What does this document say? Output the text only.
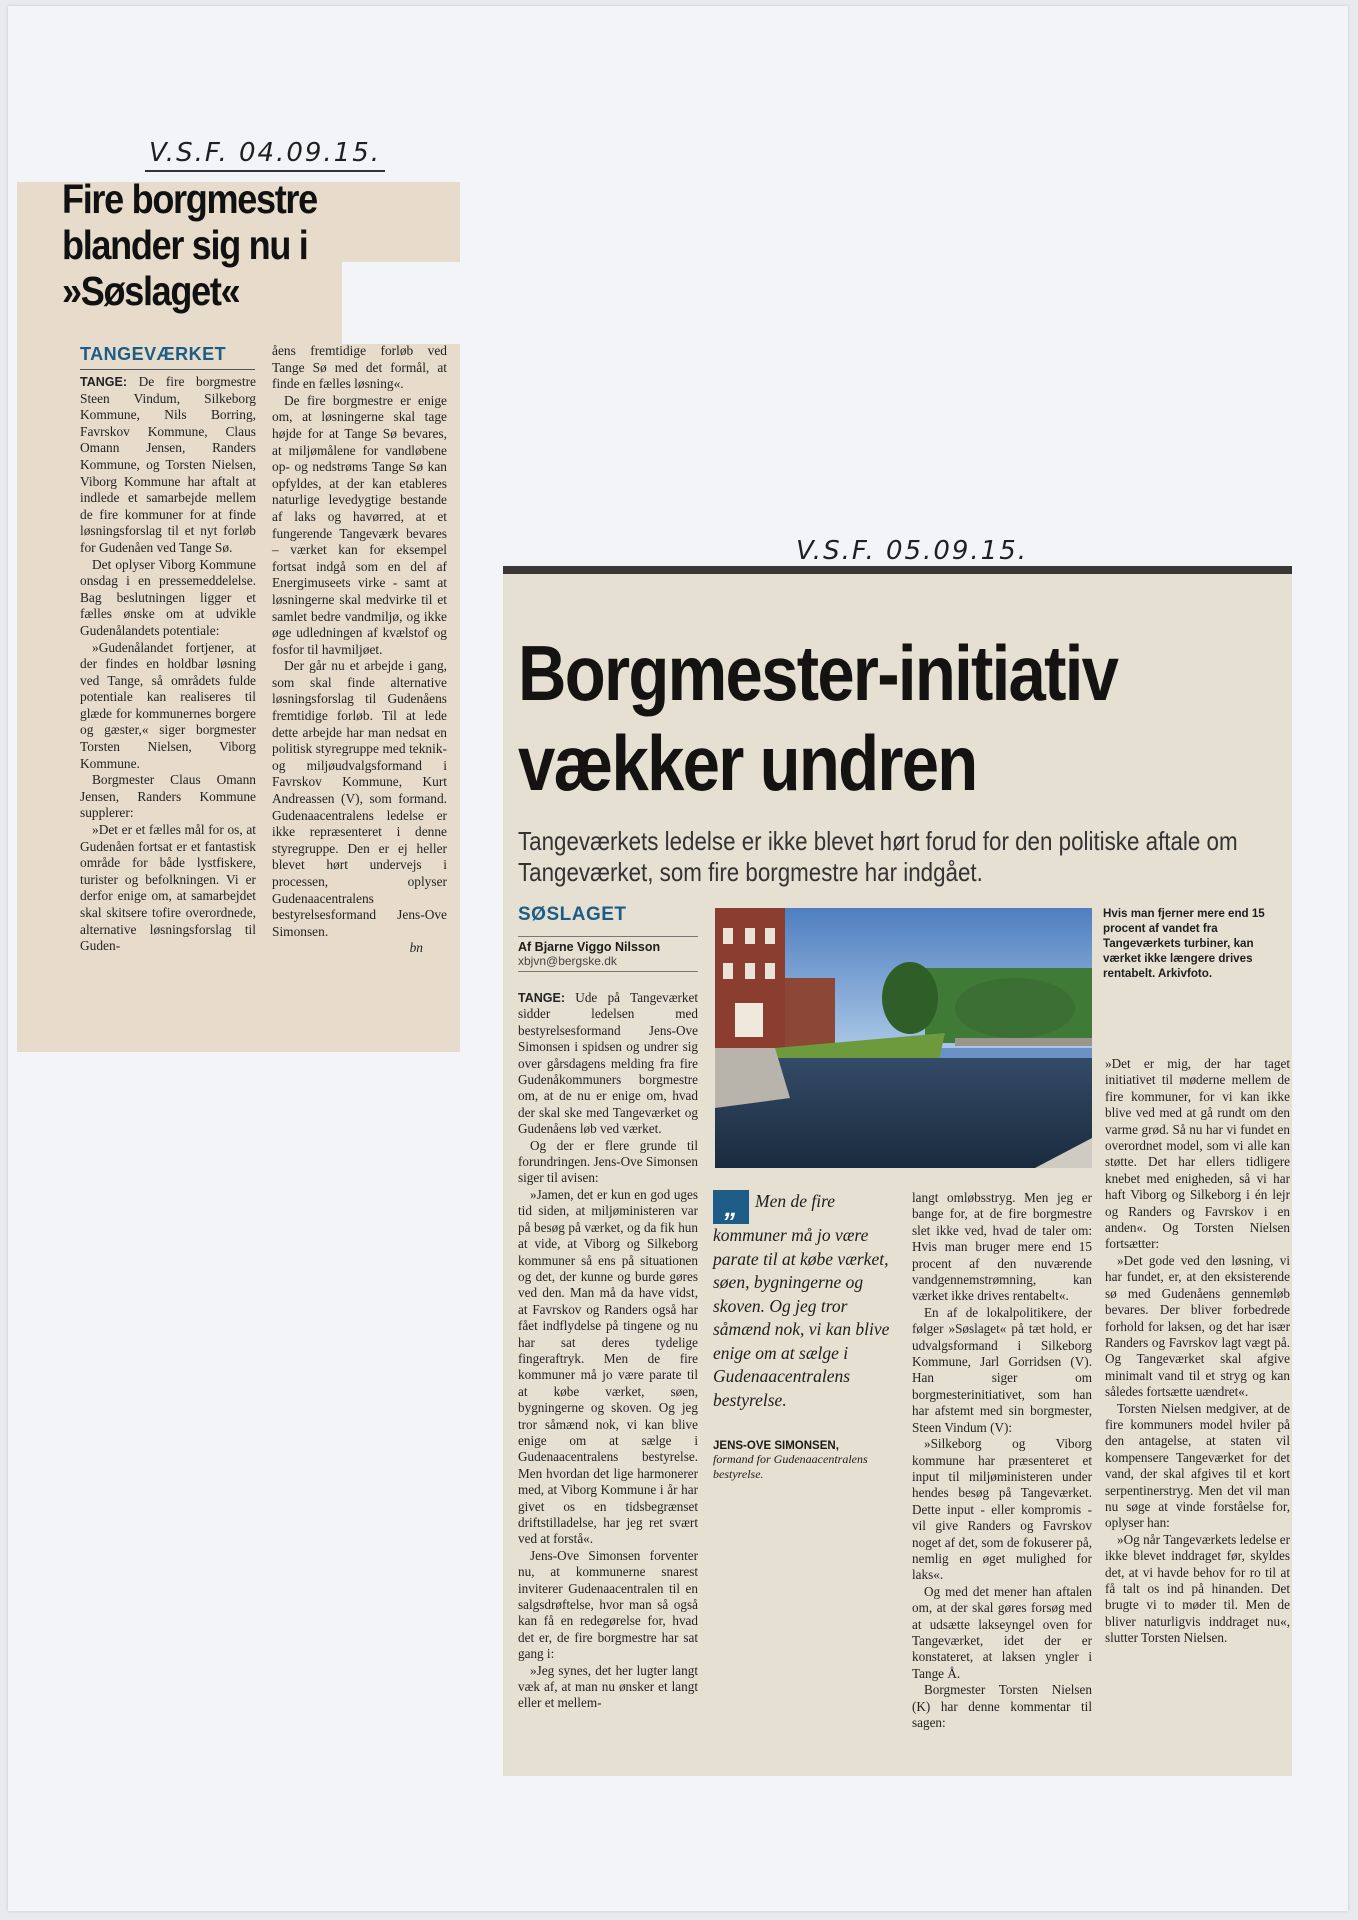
V.S.F. 04.09.15.
Fire borgmestre blander sig nu i »Søslaget«
TANGEVÆRKET

TANGE: De fire borgmestre Steen Vindum, Silkeborg Kommune, Nils Borring, Favrskov Kommune, Claus Omann Jensen, Randers Kommune, og Torsten Nielsen, Viborg Kommune har aftalt at indlede et samarbejde mellem de fire kommuner for at finde løsningsforslag til et nyt forløb for Gudenåen ved Tange Sø.

Det oplyser Viborg Kommune onsdag i en pressemeddelelse. Bag beslutningen ligger et fælles ønske om at udvikle Gudenålandets potentiale:

»Gudenålandet fortjener, at der findes en holdbar løsning ved Tange, så områdets fulde potentiale kan realiseres til glæde for kommunernes borgere og gæster,« siger borgmester Torsten Nielsen, Viborg Kommune.

Borgmester Claus Omann Jensen, Randers Kommune supplerer:

»Det er et fælles mål for os, at Gudenåen fortsat er et fantastisk område for både lystfiskere, turister og befolkningen. Vi er derfor enige om, at samarbejdet skal skitsere tofire overordnede, alternative løsningsforslag til Guden-

åens fremtidige forløb ved Tange Sø med det formål, at finde en fælles løsning«.

De fire borgmestre er enige om, at løsningerne skal tage højde for at Tange Sø bevares, at miljømålene for vandløbene op- og nedstrøms Tange Sø kan opfyldes, at der kan etableres naturlige levedygtige bestande af laks og havørred, at et fungerende Tangeværk bevares – værket kan for eksempel fortsat indgå som en del af Energimuseets virke - samt at løsningerne skal medvirke til et samlet bedre vandmiljø, og ikke øge udledningen af kvælstof og fosfor til havmiljøet.

Der går nu et arbejde i gang, som skal finde alternative løsningsforslag til Gudenåens fremtidige forløb. Til at lede dette arbejde har man nedsat en politisk styregruppe med teknik- og miljøudvalgsformand i Favrskov Kommune, Kurt Andreassen (V), som formand. Gudenaacentralens ledelse er ikke repræsenteret i denne styregruppe. Den er ej heller blevet hørt undervejs i processen, oplyser Gudenaacentralens bestyrelsesformand Jens-Ove Simonsen.

bn

V.S.F. 05.09.15.
Borgmester-initiativ
vækker undren
Tangeværkets ledelse er ikke blevet hørt forud for den politiske aftale om Tangeværket, som fire borgmestre har indgået.
SØSLAGET
Af Bjarne Viggo Nilsson
xbjvn@bergske.dk
Hvis man fjerner mere end 15 procent af vandet fra Tangeværkets turbiner, kan værket ikke længere drives rentabelt. Arkivfoto.

TANGE: Ude på Tangeværket sidder ledelsen med bestyrelsesformand Jens-Ove Simonsen i spidsen og undrer sig over gårsdagens melding fra fire Gudenåkommuners borgmestre om, at de nu er enige om, hvad der skal ske med Tangeværket og Gudenåens løb ved værket.

Og der er flere grunde til forundringen. Jens-Ove Simonsen siger til avisen:

»Jamen, det er kun en god uges tid siden, at miljøministeren var på besøg på værket, og da fik hun at vide, at Viborg og Silkeborg kommuner så ens på situationen og det, der kunne og burde gøres ved den. Man må da have vidst, at Favrskov og Randers også har fået indflydelse på tingene og nu har sat deres tydelige fingeraftryk. Men de fire kommuner må jo være parate til at købe værket, søen, bygningerne og skoven. Og jeg tror såmænd nok, vi kan blive enige om at sælge i Gudenaacentralens bestyrelse. Men hvordan det lige harmonerer med, at Viborg Kommune i år har givet os en tidsbegrænset driftstilladelse, har jeg ret svært ved at forstå«.

Jens-Ove Simonsen forventer nu, at kommunerne snarest inviterer Gudenaacentralen til en salgsdrøftelse, hvor man så også kan få en redegørelse for, hvad det er, de fire borgmestre har sat gang i:

»Jeg synes, det her lugter langt væk af, at man nu ønsker et langt eller et mellem-

„ Men de fire kommuner må jo være parate til at købe værket, søen, bygningerne og skoven. Og jeg tror såmænd nok, vi kan blive enige om at sælge i Gudenaacentralens bestyrelse.
JENS-OVE SIMONSEN,
formand for Gudenaacentralens bestyrelse.

langt omløbsstryg. Men jeg er bange for, at de fire borgmestre slet ikke ved, hvad de taler om: Hvis man bruger mere end 15 procent af den nuværende vandgennemstrømning, kan værket ikke drives rentabelt«.

En af de lokalpolitikere, der følger »Søslaget« på tæt hold, er udvalgsformand i Silkeborg Kommune, Jarl Gorridsen (V). Han siger om borgmesterinitiativet, som han har afstemt med sin borgmester, Steen Vindum (V):

»Silkeborg og Viborg kommune har præsenteret et input til miljøministeren under hendes besøg på Tangeværket. Dette input - eller kompromis - vil give Randers og Favrskov noget af det, som de fokuserer på, nemlig en øget mulighed for laks«.

Og med det mener han aftalen om, at der skal gøres forsøg med at udsætte lakseyngel oven for Tangeværket, idet der er konstateret, at laksen yngler i Tange Å.

Borgmester Torsten Nielsen (K) har denne kommentar til sagen:

»Det er mig, der har taget initiativet til møderne mellem de fire kommuner, for vi kan ikke blive ved med at gå rundt om den varme grød. Så nu har vi fundet en overordnet model, som vi alle kan støtte. Det har ellers tidligere knebet med enigheden, så vi har haft Viborg og Silkeborg i én lejr og Randers og Favrskov i en anden«. Og Torsten Nielsen fortsætter:

»Det gode ved den løsning, vi har fundet, er, at den eksisterende sø med Gudenåens gennemløb bevares. Der bliver forbedrede forhold for laksen, og det har især Randers og Favrskov lagt vægt på. Og Tangeværket skal afgive minimalt vand til et stryg og kan således fortsætte uændret«.

Torsten Nielsen medgiver, at de fire kommuners model hviler på den antagelse, at staten vil kompensere Tangeværket for det vand, der skal afgives til et kort serpentinerstryg. Men det vil man nu søge at vinde forståelse for, oplyser han:

»Og når Tangeværkets ledelse er ikke blevet inddraget før, skyldes det, at vi havde behov for ro til at få talt os ind på hinanden. Det brugte vi to møder til. Men de bliver naturligvis inddraget nu«, slutter Torsten Nielsen.
